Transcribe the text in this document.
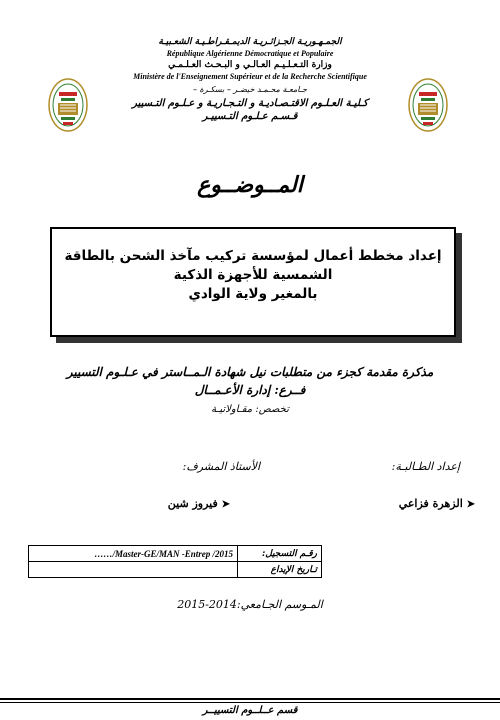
الجمـهـوريـة الجـزائـريـة الديمـقـراطـيـة الشعـبيـة
République Algérienne Démocratique et Populaire
وزارة التـعـلـيـم العـالـي و البـحـث العـلـمـي
Ministère de l'Enseignement Supérieur et de la Recherche Scientifique
جـامعـة محـمـد خيضـر – بسكـرة –
كـليـة العـلـوم الاقتـصـاديـة و التـجـاريـة و عـلـوم التـسيير
قـسـم عـلـوم التـسييـر
المــوضــوع
إعداد مخطط أعمال لمؤسسة تركيب مآخذ الشحن بالطاقة الشمسية للأجهزة الذكية
بالمغير ولاية الوادي
مذكرة مقدمة كجزء من متطلبات نيل شهادة الـمــاستر في عـلـوم التسيير
فــرع: إدارة الأعـمــال
تخصص: مقـاولاتيـة
إعداد الطـالبـة:
الأستاذ المشرف:
➤ الزهرة فزاعي
➤ فيروز شين
……/Master-GE/MAN -Entrep /2015	رقـم التسجيل:
	تـاريخ الإيداع
المـوسم الجـامعي:2014-2015
قسم عــلــوم التسييــر
